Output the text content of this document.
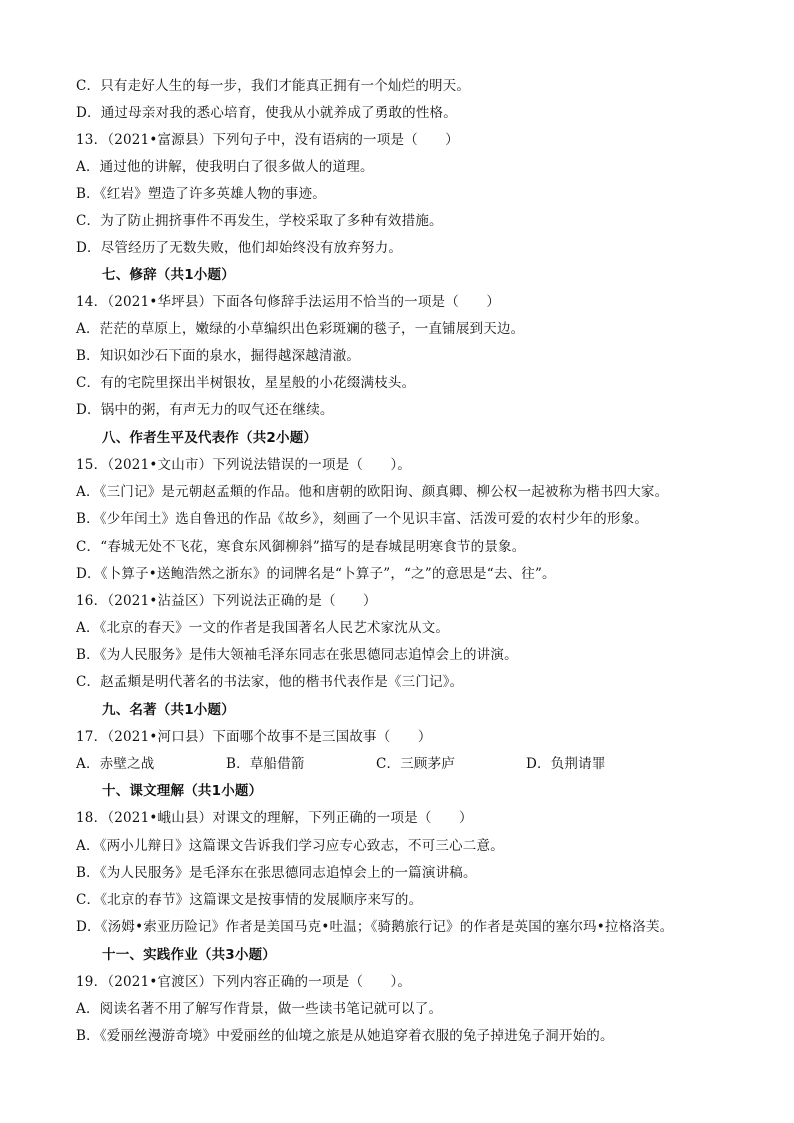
C．只有走好人生的每一步，我们才能真正拥有一个灿烂的明天。
D．通过母亲对我的悉心培育，使我从小就养成了勇敢的性格。
13．（2021•富源县）下列句子中，没有语病的一项是（　　）
A．通过他的讲解，使我明白了很多做人的道理。
B．《红岩》塑造了许多英雄人物的事迹。
C．为了防止拥挤事件不再发生，学校采取了多种有效措施。
D．尽管经历了无数失败，他们却始终没有放弃努力。
七、修辞（共1小题）
14．（2021•华坪县）下面各句修辞手法运用不恰当的一项是（　　）
A．茫茫的草原上，嫩绿的小草编织出色彩斑斓的毯子，一直铺展到天边。
B．知识如沙石下面的泉水，掘得越深越清澈。
C．有的宅院里探出半树银妆，星星般的小花缀满枝头。
D．锅中的粥，有声无力的叹气还在继续。
八、作者生平及代表作（共2小题）
15．（2021•文山市）下列说法错误的一项是（　　）。
A．《三门记》是元朝赵孟頫的作品。他和唐朝的欧阳询、颜真卿、柳公权一起被称为楷书四大家。
B．《少年闰土》选自鲁迅的作品《故乡》，刻画了一个见识丰富、活泼可爱的农村少年的形象。
C．“春城无处不飞花，寒食东风御柳斜”描写的是春城昆明寒食节的景象。
D．《卜算子•送鲍浩然之浙东》的词牌名是“卜算子”，“之”的意思是“去、往”。
16．（2021•沾益区）下列说法正确的是（　　）
A．《北京的春天》一文的作者是我国著名人民艺术家沈从文。
B．《为人民服务》是伟大领袖毛泽东同志在张思德同志追悼会上的讲演。
C．赵孟頫是明代著名的书法家，他的楷书代表作是《三门记》。
九、名著（共1小题）
17．（2021•河口县）下面哪个故事不是三国故事（　　）
A．赤壁之战	B．草船借箭	C．三顾茅庐	D．负荆请罪
十、课文理解（共1小题）
18．（2021•峨山县）对课文的理解，下列正确的一项是（　　）
A．《两小儿辩日》这篇课文告诉我们学习应专心致志，不可三心二意。
B．《为人民服务》是毛泽东在张思德同志追悼会上的一篇演讲稿。
C．《北京的春节》这篇课文是按事情的发展顺序来写的。
D．《汤姆•索亚历险记》作者是美国马克•吐温；《骑鹅旅行记》的作者是英国的塞尔玛•拉格洛芙。
十一、实践作业（共3小题）
19．（2021•官渡区）下列内容正确的一项是（　　）。
A．阅读名著不用了解写作背景，做一些读书笔记就可以了。
B．《爱丽丝漫游奇境》中爱丽丝的仙境之旅是从她追穿着衣服的兔子掉进兔子洞开始的。
